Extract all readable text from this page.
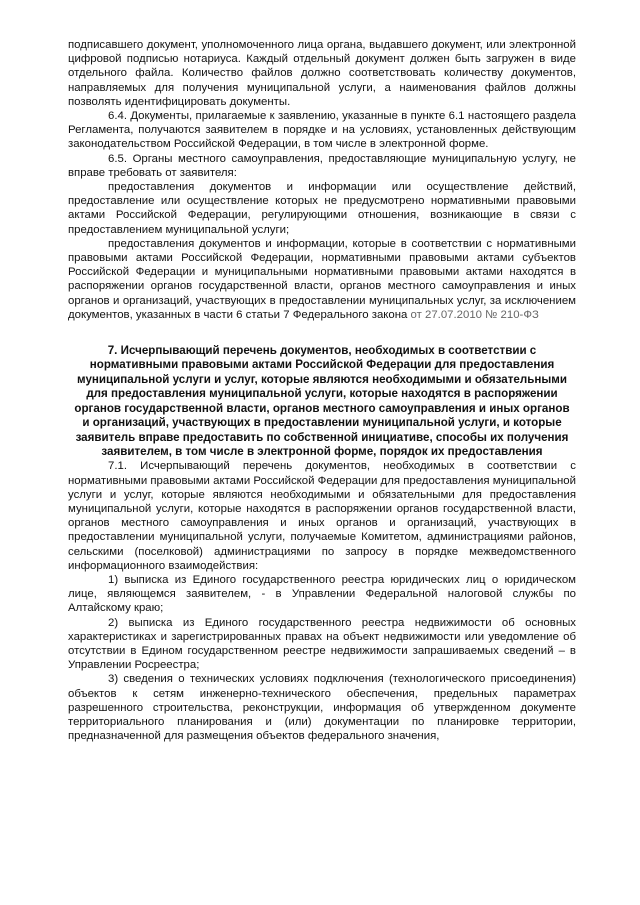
подписавшего документ, уполномоченного лица органа, выдавшего документ, или электронной цифровой подписью нотариуса. Каждый отдельный документ должен быть загружен в виде отдельного файла. Количество файлов должно соответствовать количеству документов, направляемых для получения муниципальной услуги, а наименования файлов должны позволять идентифицировать документы.

6.4. Документы, прилагаемые к заявлению, указанные в пункте 6.1 настоящего раздела Регламента, получаются заявителем в порядке и на условиях, установленных действующим законодательством Российской Федерации, в том числе в электронной форме.

6.5. Органы местного самоуправления, предоставляющие муниципальную услугу, не вправе требовать от заявителя:

предоставления документов и информации или осуществление действий, предоставление или осуществление которых не предусмотрено нормативными правовыми актами Российской Федерации, регулирующими отношения, возникающие в связи с предоставлением муниципальной услуги;

предоставления документов и информации, которые в соответствии с нормативными правовыми актами Российской Федерации, нормативными правовыми актами субъектов Российской Федерации и муниципальными нормативными правовыми актами находятся в распоряжении органов государственной власти, органов местного самоуправления и иных органов и организаций, участвующих в предоставлении муниципальных услуг, за исключением документов, указанных в части 6 статьи 7 Федерального закона от 27.07.2010 № 210-ФЗ

7. Исчерпывающий перечень документов, необходимых в соответствии с нормативными правовыми актами Российской Федерации для предоставления муниципальной услуги и услуг, которые являются необходимыми и обязательными для предоставления муниципальной услуги, которые находятся в распоряжении органов государственной власти, органов местного самоуправления и иных органов и организаций, участвующих в предоставлении муниципальной услуги, и которые заявитель вправе предоставить по собственной инициативе, способы их получения заявителем, в том числе в электронной форме, порядок их предоставления

7.1. Исчерпывающий перечень документов, необходимых в соответствии с нормативными правовыми актами Российской Федерации для предоставления муниципальной услуги и услуг, которые являются необходимыми и обязательными для предоставления муниципальной услуги, которые находятся в распоряжении органов государственной власти, органов местного самоуправления и иных органов и организаций, участвующих в предоставлении муниципальной услуги, получаемые Комитетом, администрациями районов, сельскими (поселковой) администрациями по запросу в порядке межведомственного информационного взаимодействия:

1) выписка из Единого государственного реестра юридических лиц о юридическом лице, являющемся заявителем, - в Управлении Федеральной налоговой службы по Алтайскому краю;

2) выписка из Единого государственного реестра недвижимости об основных характеристиках и зарегистрированных правах на объект недвижимости или уведомление об отсутствии в Едином государственном реестре недвижимости запрашиваемых сведений – в Управлении Росреестра;

3) сведения о технических условиях подключения (технологического присоединения) объектов к сетям инженерно-технического обеспечения, предельных параметрах разрешенного строительства, реконструкции, информация об утвержденном документе территориального планирования и (или) документации по планировке территории, предназначенной для размещения объектов федерального значения,
